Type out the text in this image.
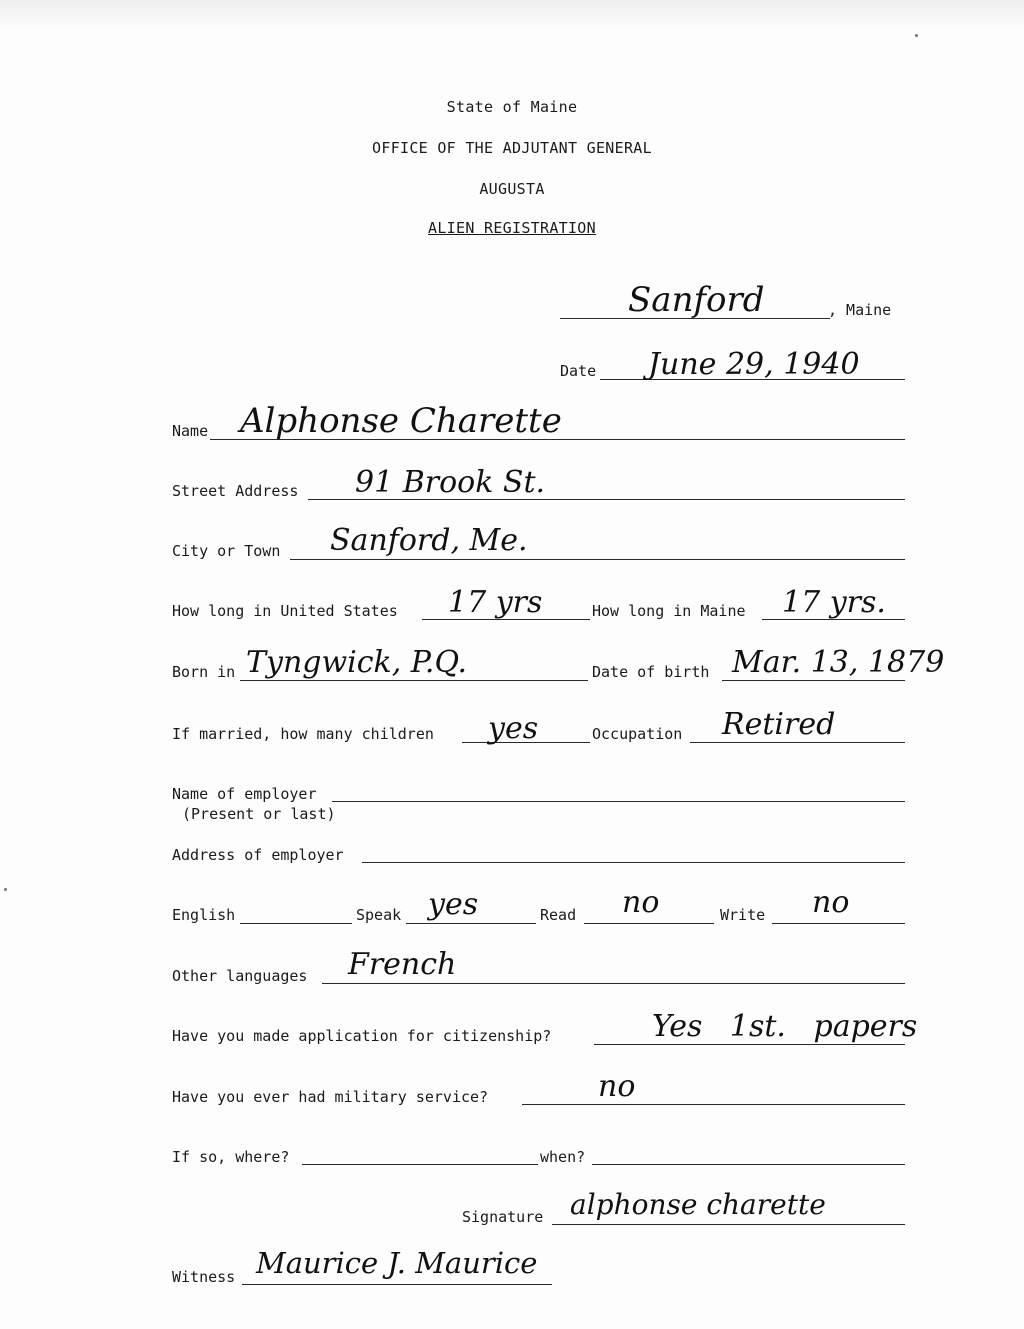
State of Maine
OFFICE OF THE ADJUTANT GENERAL
AUGUSTA
ALIEN REGISTRATION
Sanford	, Maine
Date June 29, 1940
Name Alphonse Charette
Street Address 91 Brook St.
City or Town Sanford, Me.
How long in United States 17 yrs	How long in Maine 17 yrs.
Born in Tyngwick, P.Q.	Date of birth Mar. 13, 1879
If married, how many children yes	Occupation Retired
Name of employer
(Present or last)
Address of employer
English	Speak yes	Read no	Write no
Other languages French
Have you made application for citizenship?	Yes 1st. papers
Have you ever had military service?	no
If so, where?	when?
Signature alphonse charette
Witness Maurice J. Maurice
